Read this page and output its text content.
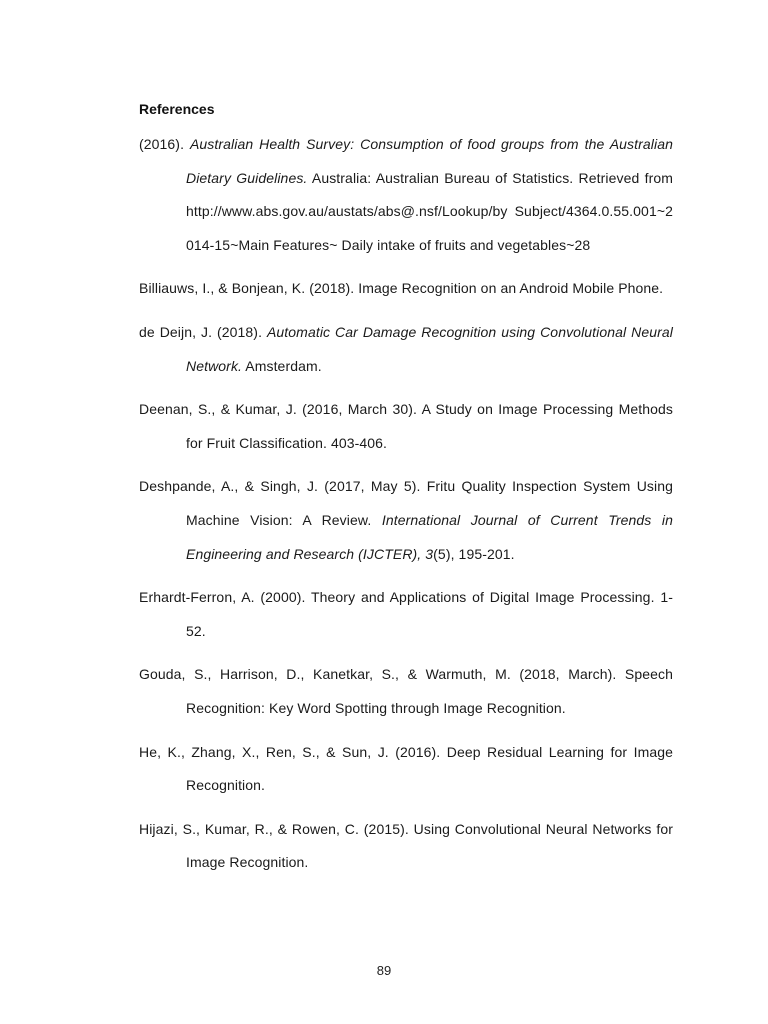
References

(2016). Australian Health Survey: Consumption of food groups from the Australian Dietary Guidelines. Australia: Australian Bureau of Statistics. Retrieved from http://www.abs.gov.au/austats/abs@.nsf/Lookup/by Subject/4364.0.55.001~2014-15~Main Features~ Daily intake of fruits and vegetables~28

Billiauws, I., & Bonjean, K. (2018). Image Recognition on an Android Mobile Phone.

de Deijn, J. (2018). Automatic Car Damage Recognition using Convolutional Neural Network. Amsterdam.

Deenan, S., & Kumar, J. (2016, March 30). A Study on Image Processing Methods for Fruit Classification. 403-406.

Deshpande, A., & Singh, J. (2017, May 5). Fritu Quality Inspection System Using Machine Vision: A Review. International Journal of Current Trends in Engineering and Research (IJCTER), 3(5), 195-201.

Erhardt-Ferron, A. (2000). Theory and Applications of Digital Image Processing. 1-52.

Gouda, S., Harrison, D., Kanetkar, S., & Warmuth, M. (2018, March). Speech Recognition: Key Word Spotting through Image Recognition.

He, K., Zhang, X., Ren, S., & Sun, J. (2016). Deep Residual Learning for Image Recognition.

Hijazi, S., Kumar, R., & Rowen, C. (2015). Using Convolutional Neural Networks for Image Recognition.

89
